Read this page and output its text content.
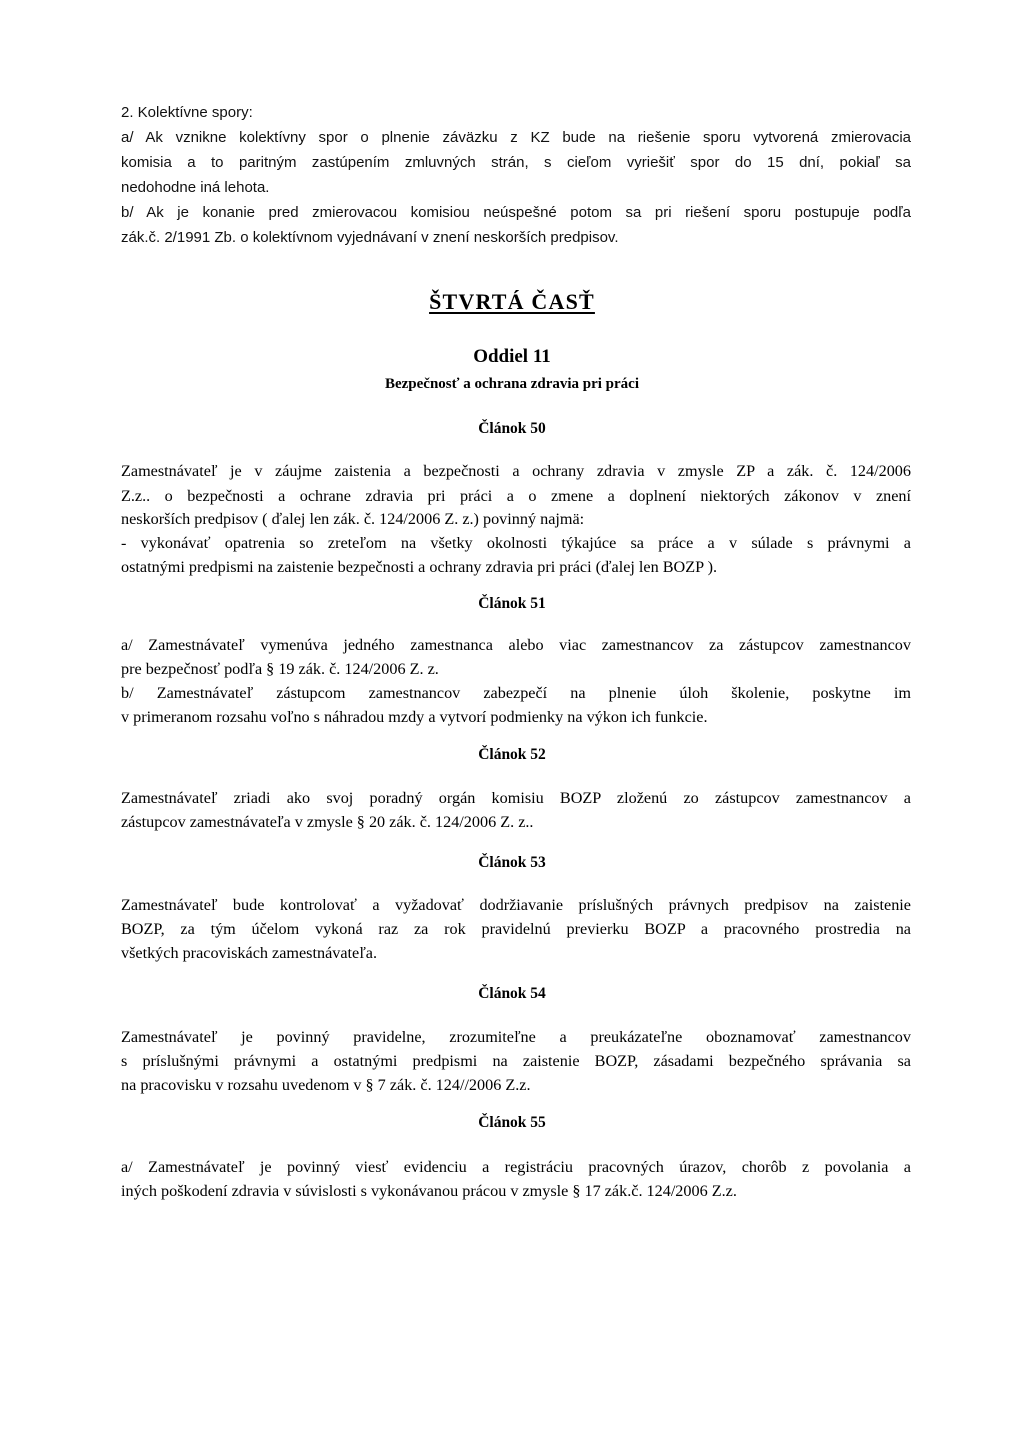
2. Kolektívne spory:

a/ Ak vznikne kolektívny spor o plnenie záväzku z KZ bude na riešenie sporu vytvorená zmierovacia

komisia a to paritným zastúpením zmluvných strán, s cieľom vyriešiť spor do 15 dní, pokiaľ sa

nedohodne iná lehota.

b/ Ak je konanie pred zmierovacou komisiou neúspešné potom sa pri riešení sporu postupuje podľa

zák.č. 2/1991 Zb. o kolektívnom vyjednávaní v znení neskorších predpisov.

ŠTVRTÁ ČASŤ
Oddiel 11
Bezpečnosť a ochrana zdravia pri práci
Článok 50

Zamestnávateľ je v záujme zaistenia a bezpečnosti a ochrany zdravia v zmysle ZP a zák. č. 124/2006

Z.z.. o bezpečnosti a ochrane zdravia pri práci a o zmene a doplnení niektorých zákonov v znení

neskorších predpisov ( ďalej len zák. č. 124/2006 Z. z.) povinný najmä:

- vykonávať opatrenia so zreteľom na všetky okolnosti týkajúce sa práce a v súlade s právnymi a

ostatnými predpismi na zaistenie bezpečnosti a ochrany zdravia pri práci (ďalej len BOZP ).

Článok 51

a/ Zamestnávateľ vymenúva jedného zamestnanca alebo viac zamestnancov za zástupcov zamestnancov

pre bezpečnosť podľa § 19 zák. č. 124/2006 Z. z.

b/ Zamestnávateľ zástupcom zamestnancov zabezpečí na plnenie úloh školenie, poskytne im

v primeranom rozsahu voľno s náhradou mzdy a vytvorí podmienky na výkon ich funkcie.

Článok 52

Zamestnávateľ zriadi ako svoj poradný orgán komisiu BOZP zloženú zo zástupcov zamestnancov a

zástupcov zamestnávateľa v zmysle § 20 zák. č. 124/2006 Z. z..

Článok 53

Zamestnávateľ bude kontrolovať a vyžadovať dodržiavanie príslušných právnych predpisov na zaistenie

BOZP, za tým účelom vykoná raz za rok pravidelnú previerku BOZP a pracovného prostredia na

všetkých pracoviskách zamestnávateľa.

Článok 54

Zamestnávateľ je povinný pravidelne, zrozumiteľne a preukázateľne oboznamovať zamestnancov

s príslušnými právnymi a ostatnými predpismi na zaistenie BOZP, zásadami bezpečného správania sa

na pracovisku v rozsahu uvedenom v § 7 zák. č. 124//2006 Z.z.

Článok 55

a/ Zamestnávateľ je povinný viesť evidenciu a registráciu pracovných úrazov, chorôb z povolania a

iných poškodení zdravia v súvislosti s vykonávanou prácou v zmysle § 17 zák.č. 124/2006 Z.z.
